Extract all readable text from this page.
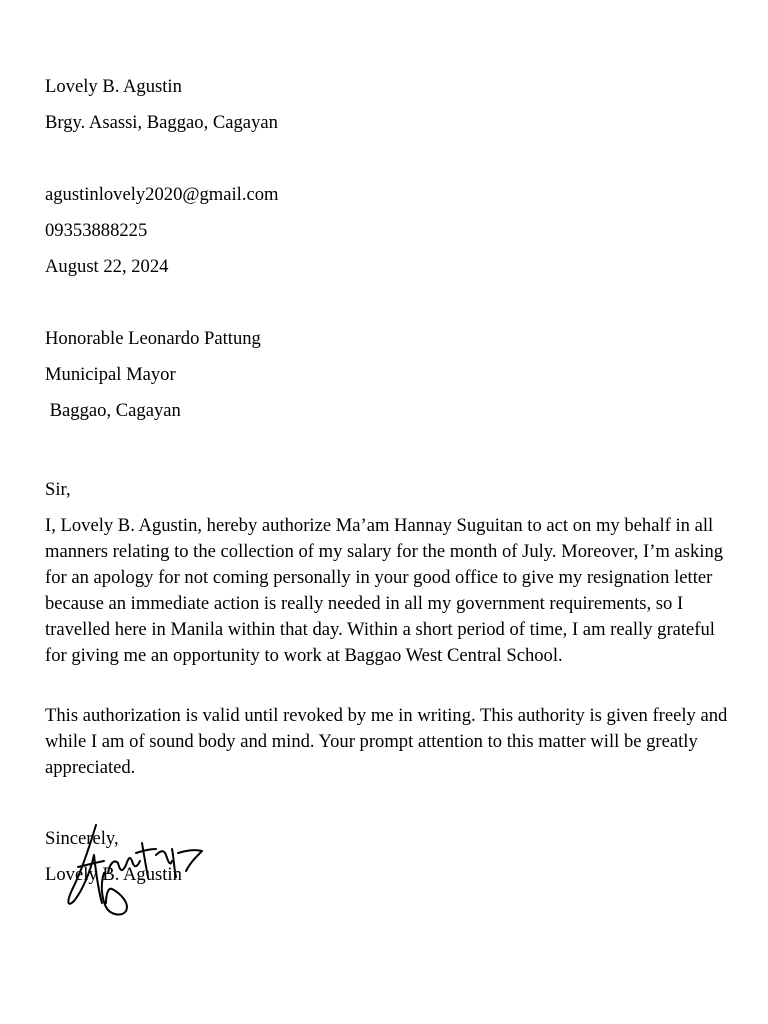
Lovely B. Agustin

Brgy. Asassi, Baggao, Cagayan

agustinlovely2020@gmail.com

09353888225

August 22, 2024

Honorable Leonardo Pattung

Municipal Mayor

Baggao, Cagayan

Sir,

I, Lovely B. Agustin, hereby authorize Ma’am Hannay Suguitan to act on my behalf in all manners relating to the collection of my salary for the month of July. Moreover, I’m asking for an apology for not coming personally in your good office to give my resignation letter because an immediate action is really needed in all my government requirements, so I travelled here in Manila within that day. Within a short period of time, I am really grateful for giving me an opportunity to work at Baggao West Central School.

This authorization is valid until revoked by me in writing. This authority is given freely and while I am of sound body and mind. Your prompt attention to this matter will be greatly appreciated.

Sincerely,

Lovely B. Agustin
